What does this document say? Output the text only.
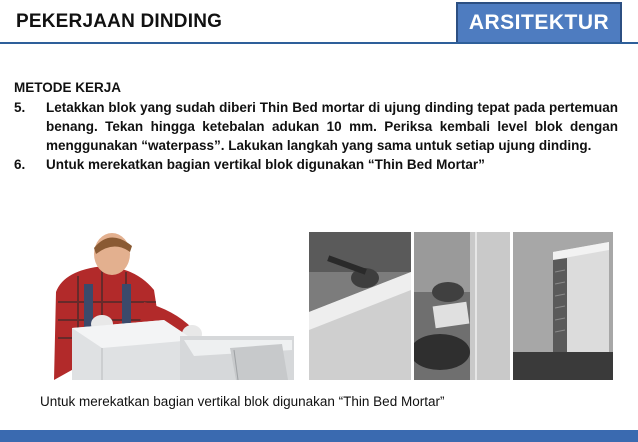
PEKERJAAN DINDING	ARSITEKTUR
METODE KERJA
5. Letakkan blok yang sudah diberi Thin Bed mortar di ujung dinding tepat pada pertemuan benang. Tekan hingga ketebalan adukan 10 mm. Periksa kembali level blok dengan menggunakan “waterpass”. Lakukan langkah yang sama untuk setiap ujung dinding.
6. Untuk merekatkan bagian vertikal blok digunakan “Thin Bed Mortar”
Untuk merekatkan bagian vertikal blok digunakan “Thin Bed Mortar”
